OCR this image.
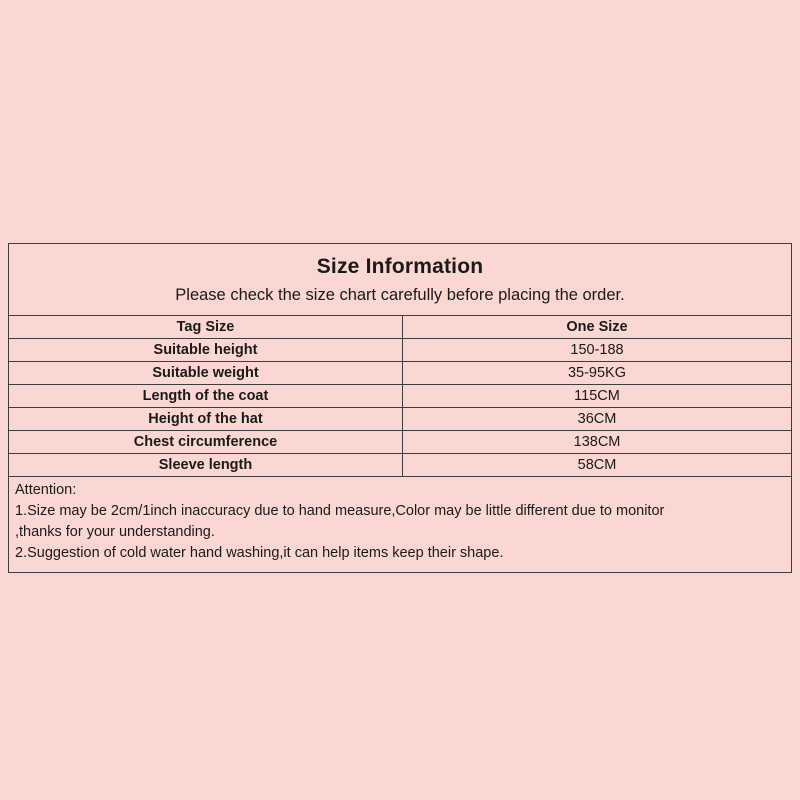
Size Information
Please check the size chart carefully before placing the order.
Tag Size	One Size
Suitable height	150-188
Suitable weight	35-95KG
Length of the coat	115CM
Height of the hat	36CM
Chest circumference	138CM
Sleeve length	58CM

Attention:

1.Size may be 2cm/1inch inaccuracy due to hand measure,Color may be little different due to monitor

,thanks for your understanding.

2.Suggestion of cold water hand washing,it can help items keep their shape.
